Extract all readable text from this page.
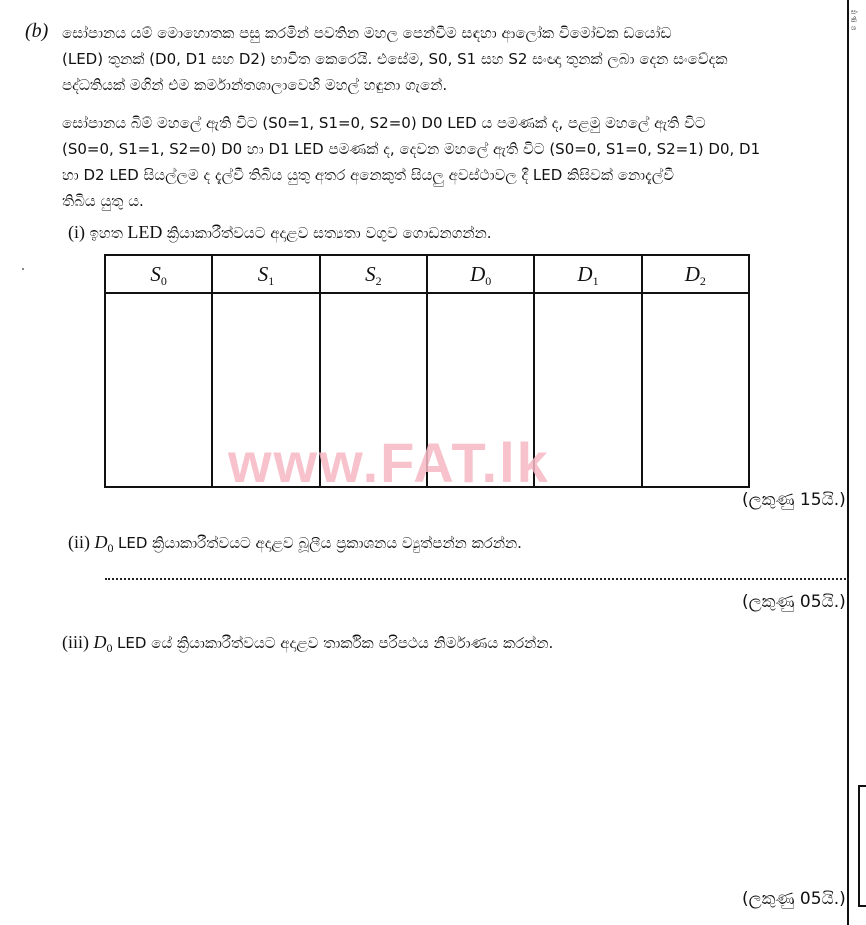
සං
කි
ශ
(b) සෝපානය යම් මොහොතක පසු කරමින් පවතින මහල පෙන්වීම සඳහා ආලෝක විමෝචක ඩයෝඩ
(LED) තුනක් (D0, D1 සහ D2) භාවිත කෙරෙයි. එසේම, S0, S1 සහ S2 සංඥා තුනක් ලබා දෙන සංවේදක
පද්ධතියක් මගින් එම කර්මාන්තශාලාවෙහි මහල් හඳුනා ගැනේ.
සෝපානය බිම් මහලේ ඇති විට (S0=1, S1=0, S2=0) D0 LED ය පමණක් ද, පළමු මහලේ ඇති විට
(S0=0, S1=1, S2=0) D0 හා D1 LED පමණක් ද, දෙවන මහලේ ඇති විට (S0=0, S1=0, S2=1) D0, D1
හා D2 LED සියල්ලම ද දැල්වී තිබිය යුතු අතර අනෙකුත් සියලු අවස්ථාවල දී LED කිසිවක් නොදැල්වී
තිබිය යුතු ය.
(i) ඉහත LED ක්‍රියාකාරීත්වයට අදාළව සත්‍යතා වගුව ගොඩනගන්න.
$S_0$	$S_1$	$S_2$	$D_0$	$D_1$	$D_2$

www.FAT.lk
(ලකුණු 15යි.)
(ii) $D_0$ LED ක්‍රියාකාරීත්වයට අදාළව බූලීය ප්‍රකාශනය ව්‍යුත්පන්න කරන්න.
(ලකුණු 05යි.)
(iii) $D_0$ LED යේ ක්‍රියාකාරීත්වයට අදාළව තාර්කික පරිපථය නිර්මාණය කරන්න.
(ලකුණු 05යි.)
